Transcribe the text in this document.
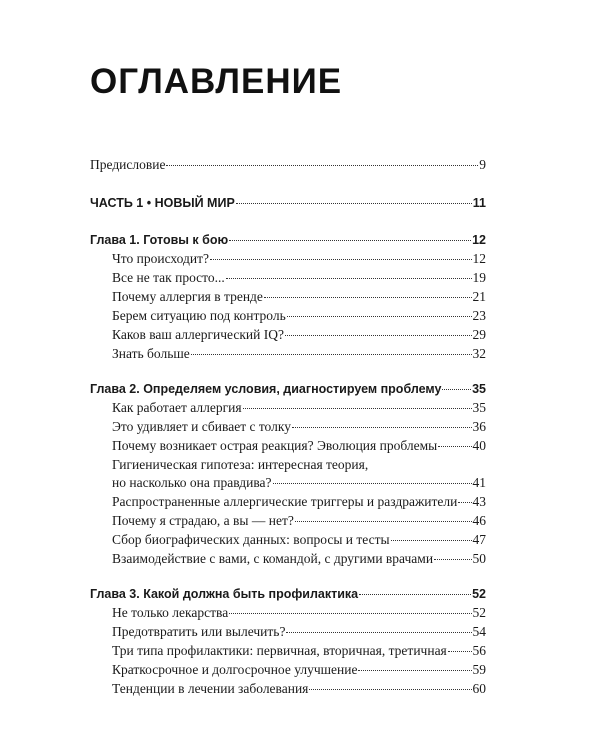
ОГЛАВЛЕНИЕ
Предисловие	9
ЧАСТЬ 1 • НОВЫЙ МИР	11
Глава 1. Готовы к бою	12
Что происходит?	12
Все не так просто...	19
Почему аллергия в тренде	21
Берем ситуацию под контроль	23
Каков ваш аллергический IQ?	29
Знать больше	32
Глава 2. Определяем условия, диагностируем проблему 35
Как работает аллергия	35
Это удивляет и сбивает с толку	36
Почему возникает острая реакция? Эволюция проблемы	40
Гигиеническая гипотеза: интересная теория,
но насколько она правдива?	41
Распространенные аллергические триггеры и раздражители 43
Почему я страдаю, а вы — нет?	46
Сбор биографических данных: вопросы и тесты	47
Взаимодействие с вами, с командой, с другими врачами	50
Глава 3. Какой должна быть профилактика	52
Не только лекарства	52
Предотвратить или вылечить?	54
Три типа профилактики: первичная, вторичная, третичная 56
Краткосрочное и долгосрочное улучшение	59
Тенденции в лечении заболевания	60
